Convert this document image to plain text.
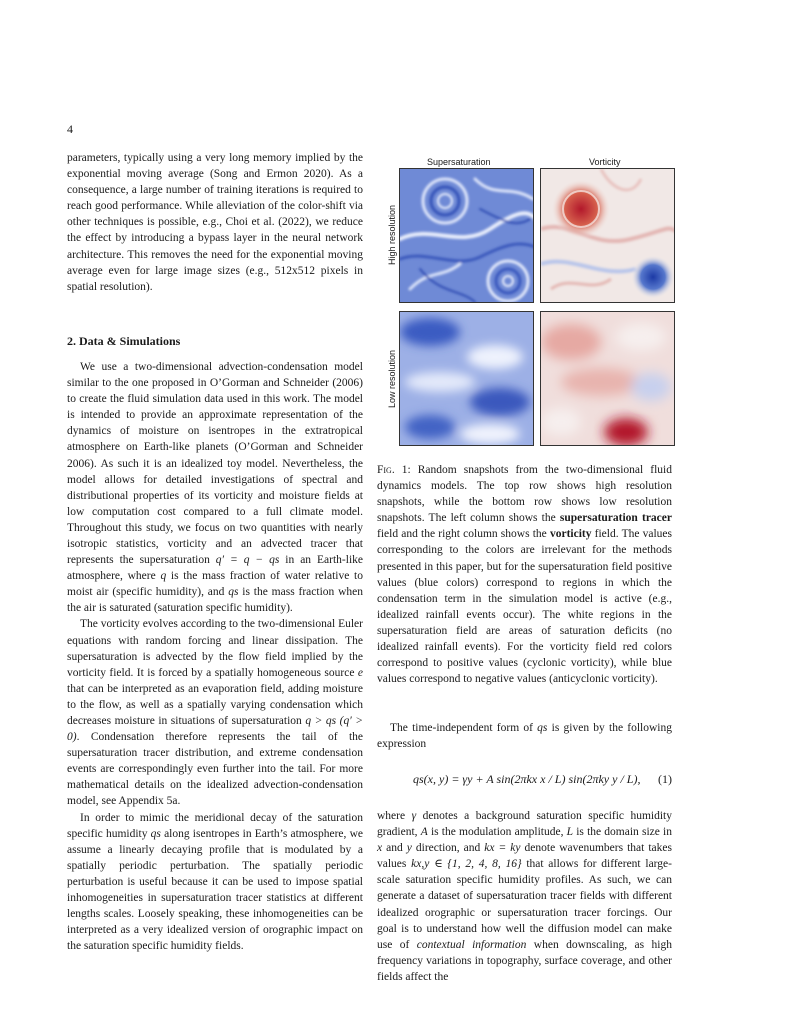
4

parameters, typically using a very long memory implied by the exponential moving average (Song and Ermon 2020). As a consequence, a large number of training iterations is required to reach good performance. While alleviation of the color-shift via other techniques is possible, e.g., Choi et al. (2022), we reduce the effect by introducing a bypass layer in the neural network architecture. This removes the need for the exponential moving average even for large image sizes (e.g., 512x512 pixels in spatial resolution).

2. Data & Simulations

We use a two-dimensional advection-condensation model similar to the one proposed in O’Gorman and Schneider (2006) to create the fluid simulation data used in this work. The model is intended to provide an approximate representation of the dynamics of moisture on isentropes in the extratropical atmosphere on Earth-like planets (O’Gorman and Schneider 2006). As such it is an idealized toy model. Nevertheless, the model allows for detailed investigations of spectral and distributional properties of its vorticity and moisture fields at low computation cost compared to a full climate model. Throughout this study, we focus on two quantities with nearly isotropic statistics, vorticity and an advected tracer that represents the supersaturation q′ = q − qs in an Earth-like atmosphere, where q is the mass fraction of water relative to moist air (specific humidity), and qs is the mass fraction when the air is saturated (saturation specific humidity).

The vorticity evolves according to the two-dimensional Euler equations with random forcing and linear dissipation. The supersaturation is advected by the flow field implied by the vorticity field. It is forced by a spatially homogeneous source e that can be interpreted as an evaporation field, adding moisture to the flow, as well as a spatially varying condensation which decreases moisture in situations of supersaturation q > qs (q′ > 0). Condensation therefore represents the tail of the supersaturation tracer distribution, and extreme condensation events are correspondingly even further into the tail. For more mathematical details on the idealized advection-condensation model, see Appendix 5a.

In order to mimic the meridional decay of the saturation specific humidity qs along isentropes in Earth’s atmosphere, we assume a linearly decaying profile that is modulated by a spatially periodic perturbation. The spatially periodic perturbation is useful because it can be used to impose spatial inhomogeneities in supersaturation tracer statistics at different lengths scales. Loosely speaking, these inhomogeneities can be interpreted as a very idealized version of orographic impact on the saturation specific humidity fields.

Supersaturation	Vorticity
High resolution
Low resolution

Fig. 1: Random snapshots from the two-dimensional fluid dynamics models. The top row shows high resolution snapshots, while the bottom row shows low resolution snapshots. The left column shows the supersaturation tracer field and the right column shows the vorticity field. The values corresponding to the colors are irrelevant for the methods presented in this paper, but for the supersaturation field positive values (blue colors) correspond to regions in which the condensation term in the simulation model is active (e.g., idealized rainfall events occur). The white regions in the supersaturation field are areas of saturation deficits (no idealized rainfall events). For the vorticity field red colors correspond to positive values (cyclonic vorticity), while blue values correspond to negative values (anticyclonic vorticity).

The time-independent form of qs is given by the following expression

qs(x, y) = γy + A sin(2πkx x / L) sin(2πky y / L), (1)

where γ denotes a background saturation specific humidity gradient, A is the modulation amplitude, L is the domain size in x and y direction, and kx = ky denote wavenumbers that takes values kx,y ∈ {1, 2, 4, 8, 16} that allows for different large-scale saturation specific humidity profiles. As such, we can generate a dataset of supersaturation tracer fields with different idealized orographic or supersaturation tracer forcings. Our goal is to understand how well the diffusion model can make use of contextual information when downscaling, as high frequency variations in topography, surface coverage, and other fields affect the
